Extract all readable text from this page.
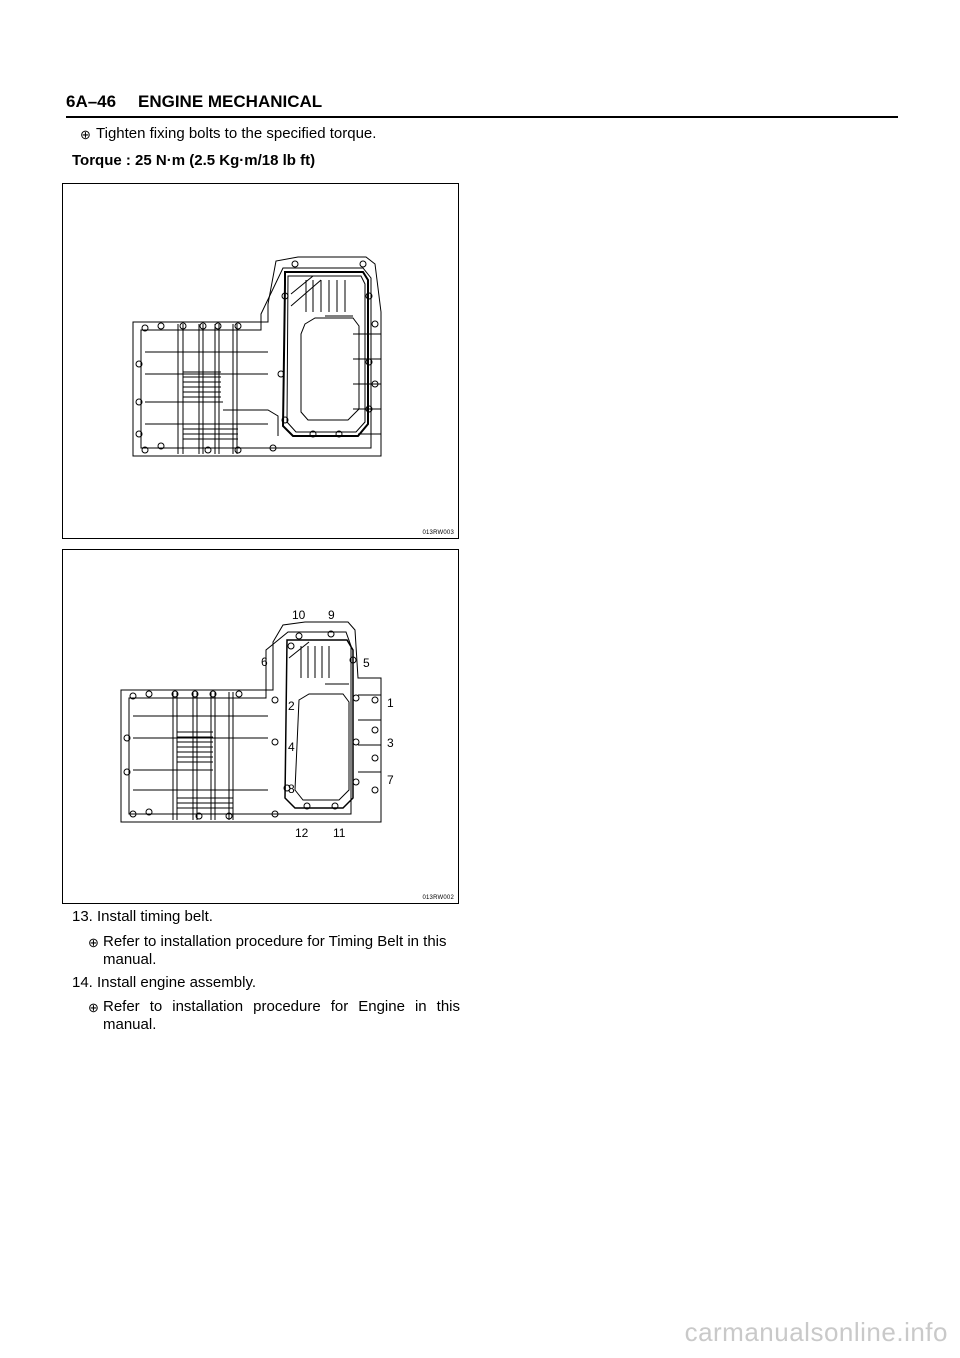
6A–46 ENGINE MECHANICAL
⊕ Tighten fixing bolts to the specified torque.
Torque : 25 N·m (2.5 Kg·m/18 lb ft)
013RW003
10 9
6	5
2	1
4	3
8
7
12 11
013RW002
13. Install timing belt.
⊕ Refer to installation procedure for Timing Belt in this
manual.
14. Install engine assembly.
⊕ Refer to installation procedure for Engine in this
manual.
carmanualsonline.info
